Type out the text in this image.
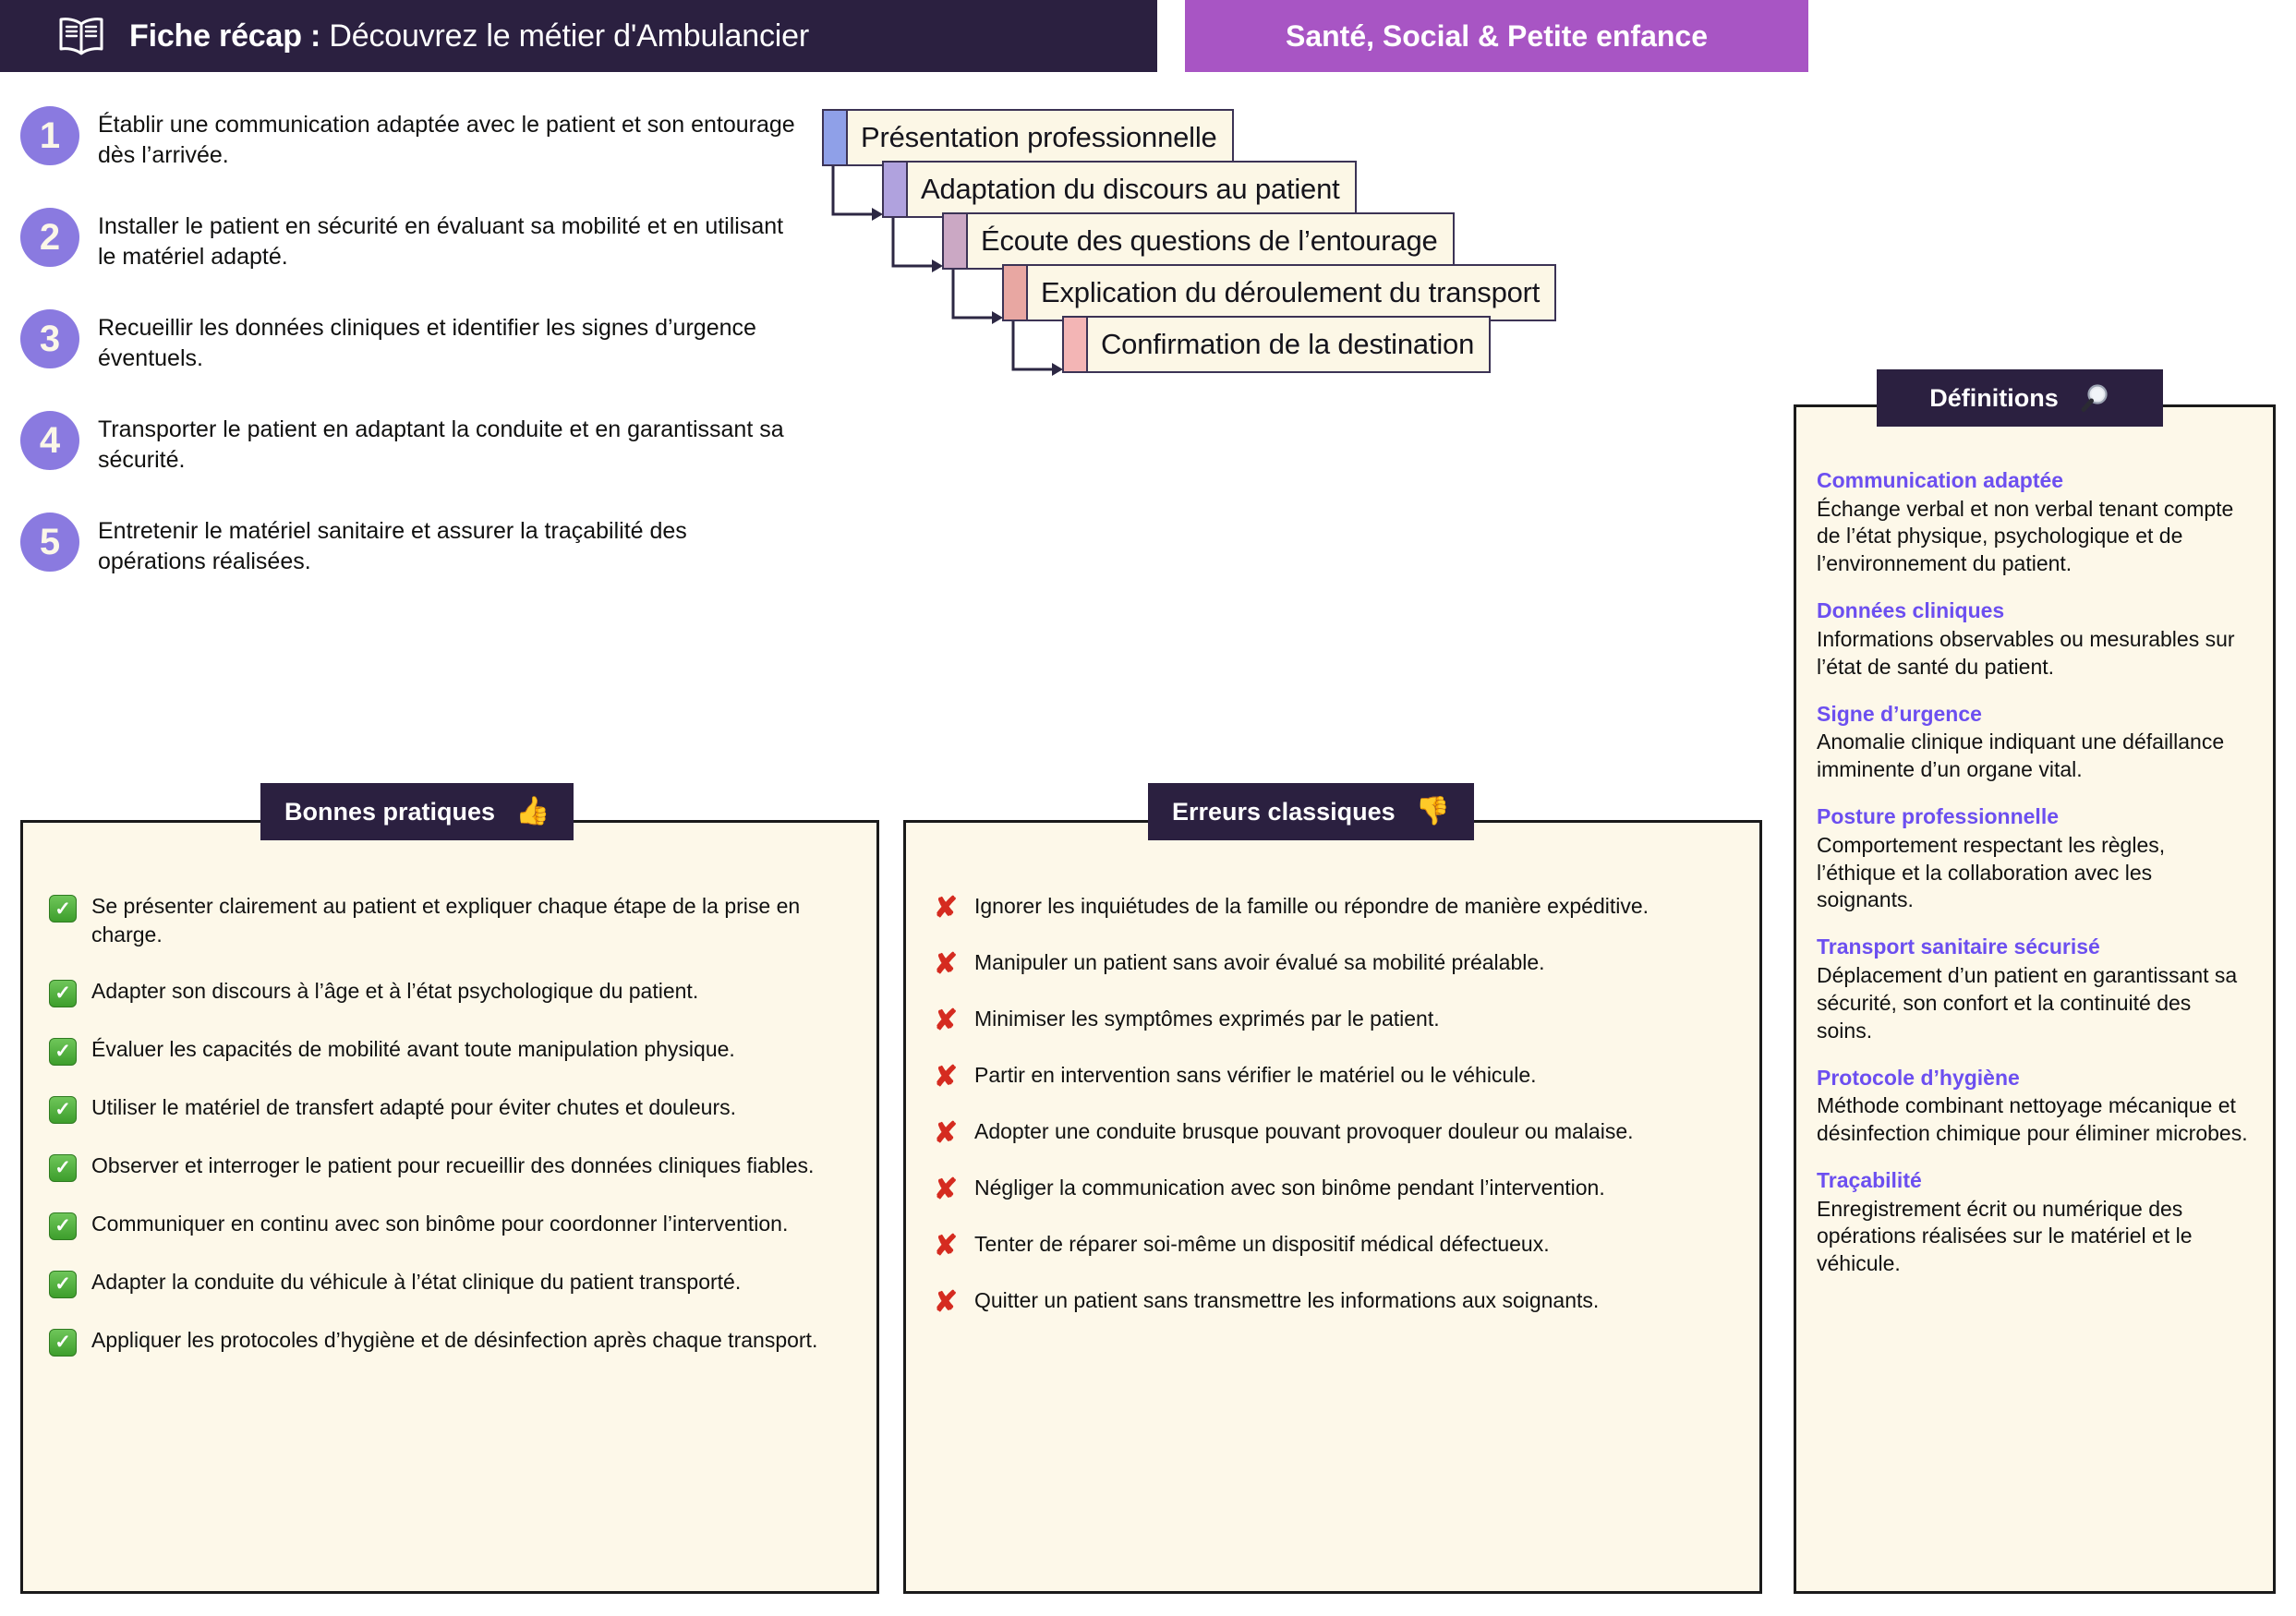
Fiche récap : Découvrez le métier d'Ambulancier	Santé, Social & Petite enfance
1	Établir une communication adaptée avec le patient et son entourage dès l’arrivée.
2	Installer le patient en sécurité en évaluant sa mobilité et en utilisant le matériel adapté.
3	Recueillir les données cliniques et identifier les signes d’urgence éventuels.
4	Transporter le patient en adaptant la conduite et en garantissant sa sécurité.
5	Entretenir le matériel sanitaire et assurer la traçabilité des opérations réalisées.
Présentation professionnelle
Adaptation du discours au patient
Écoute des questions de l’entourage
Explication du déroulement du transport
Confirmation de la destination
✓ Se présenter clairement au patient et expliquer chaque étape de la prise en charge.
✓ Adapter son discours à l’âge et à l’état psychologique du patient.
✓ Évaluer les capacités de mobilité avant toute manipulation physique.
✓ Utiliser le matériel de transfert adapté pour éviter chutes et douleurs.
✓ Observer et interroger le patient pour recueillir des données cliniques fiables.
✓ Communiquer en continu avec son binôme pour coordonner l’intervention.
✓ Adapter la conduite du véhicule à l’état clinique du patient transporté.
✓ Appliquer les protocoles d’hygiène et de désinfection après chaque transport.
Bonnes pratiques 👍
✘ Ignorer les inquiétudes de la famille ou répondre de manière expéditive.
✘ Manipuler un patient sans avoir évalué sa mobilité préalable.
✘ Minimiser les symptômes exprimés par le patient.
✘ Partir en intervention sans vérifier le matériel ou le véhicule.
✘ Adopter une conduite brusque pouvant provoquer douleur ou malaise.
✘ Négliger la communication avec son binôme pendant l’intervention.
✘ Tenter de réparer soi-même un dispositif médical défectueux.
✘ Quitter un patient sans transmettre les informations aux soignants.
Erreurs classiques 👎
Communication adaptée
Échange verbal et non verbal tenant compte de l’état physique, psychologique et de l’environnement du patient.
Données cliniques
Informations observables ou mesurables sur l’état de santé du patient.
Signe d’urgence
Anomalie clinique indiquant une défaillance imminente d’un organe vital.
Posture professionnelle
Comportement respectant les règles, l’éthique et la collaboration avec les soignants.
Transport sanitaire sécurisé
Déplacement d’un patient en garantissant sa sécurité, son confort et la continuité des soins.
Protocole d’hygiène
Méthode combinant nettoyage mécanique et désinfection chimique pour éliminer microbes.
Traçabilité
Enregistrement écrit ou numérique des opérations réalisées sur le matériel et le véhicule.
Définitions
